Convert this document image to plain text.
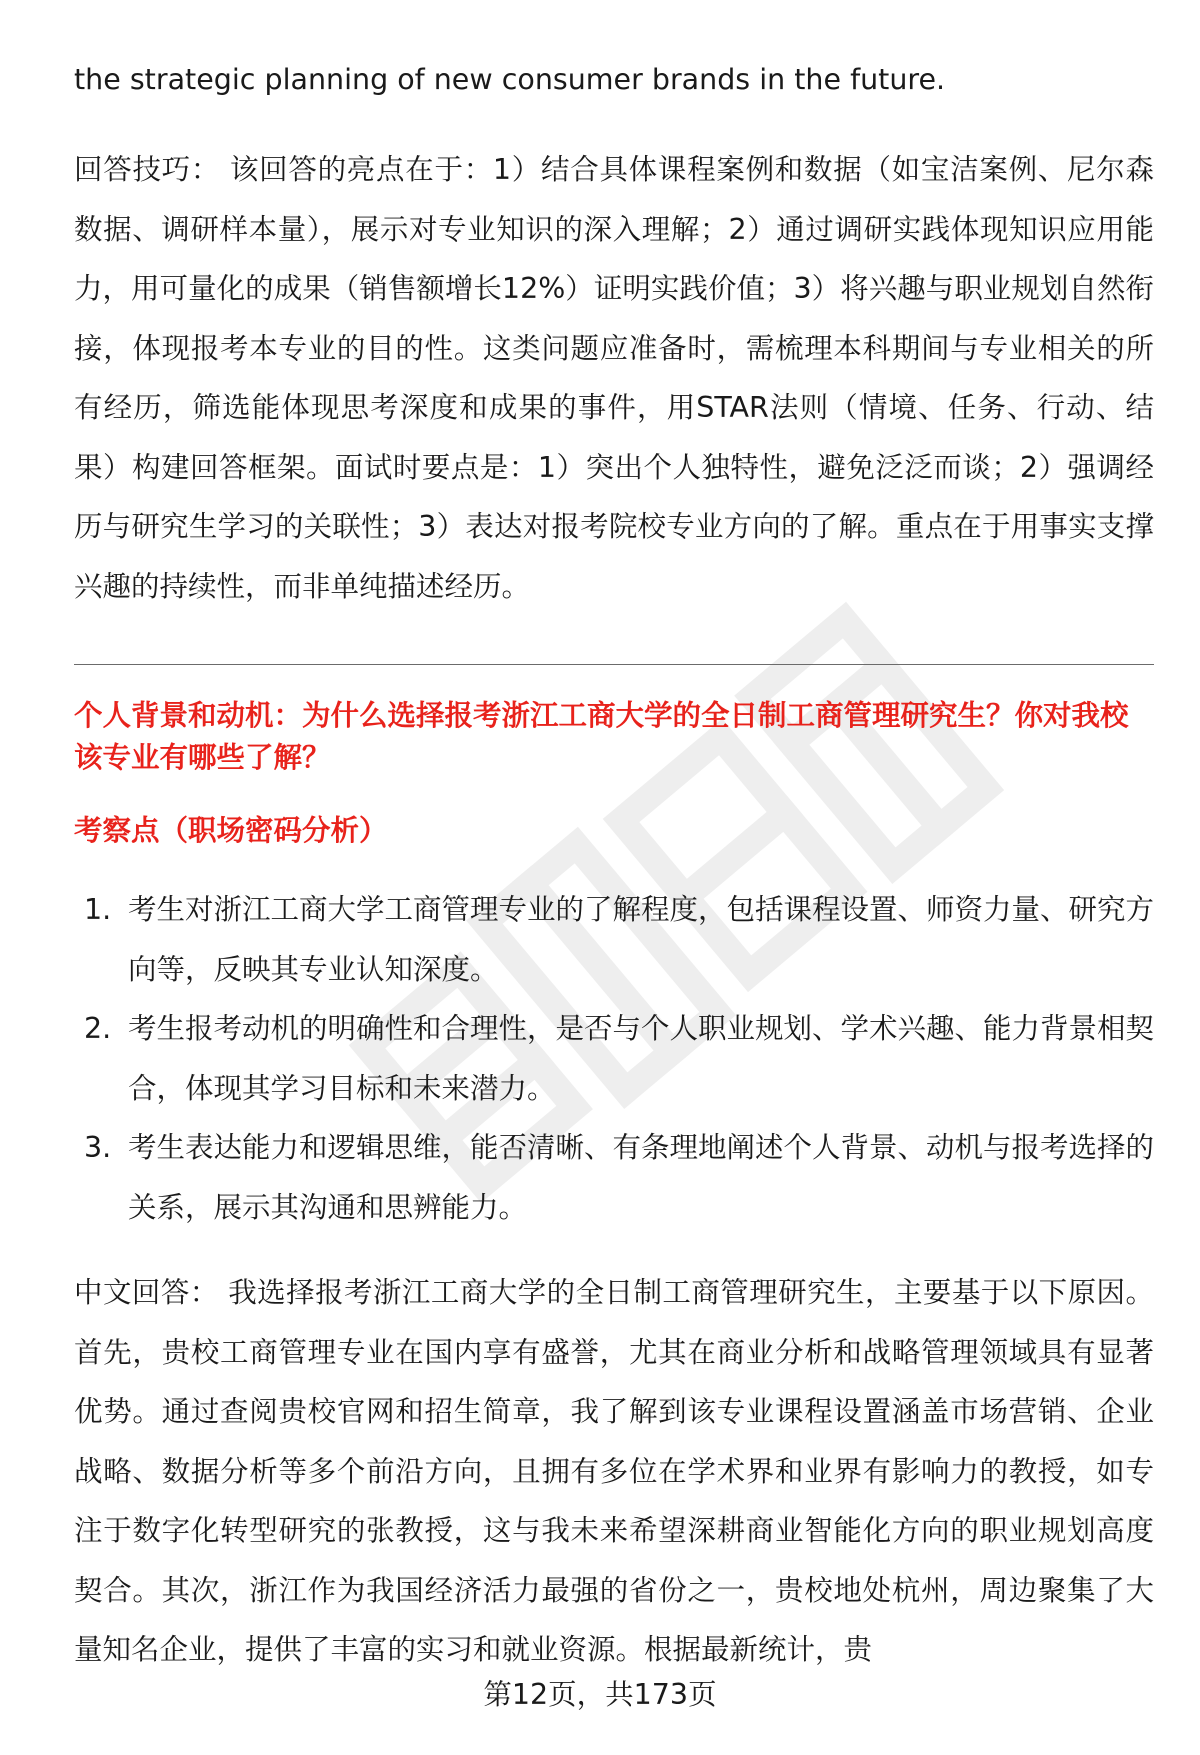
the strategic planning of new consumer brands in the future.

回答技巧： 该回答的亮点在于：1）结合具体课程案例和数据（如宝洁案例、尼尔森数据、调研样本量），展示对专业知识的深入理解；2）通过调研实践体现知识应用能力，用可量化的成果（销售额增长12%）证明实践价值；3）将兴趣与职业规划自然衔接，体现报考本专业的目的性。这类问题应准备时，需梳理本科期间与专业相关的所有经历，筛选能体现思考深度和成果的事件，用STAR法则（情境、任务、行动、结果）构建回答框架。面试时要点是：1）突出个人独特性，避免泛泛而谈；2）强调经历与研究生学习的关联性；3）表达对报考院校专业方向的了解。重点在于用事实支撑兴趣的持续性，而非单纯描述经历。

个人背景和动机：为什么选择报考浙江工商大学的全日制工商管理研究生？你对我校该专业有哪些了解？

考察点（职场密码分析）

1. 考生对浙江工商大学工商管理专业的了解程度，包括课程设置、师资力量、研究方向等，反映其专业认知深度。
2. 考生报考动机的明确性和合理性，是否与个人职业规划、学术兴趣、能力背景相契合，体现其学习目标和未来潜力。
3. 考生表达能力和逻辑思维，能否清晰、有条理地阐述个人背景、动机与报考选择的关系，展示其沟通和思辨能力。

中文回答： 我选择报考浙江工商大学的全日制工商管理研究生，主要基于以下原因。首先，贵校工商管理专业在国内享有盛誉，尤其在商业分析和战略管理领域具有显著优势。通过查阅贵校官网和招生简章，我了解到该专业课程设置涵盖市场营销、企业战略、数据分析等多个前沿方向，且拥有多位在学术界和业界有影响力的教授，如专注于数字化转型研究的张教授，这与我未来希望深耕商业智能化方向的职业规划高度契合。其次，浙江作为我国经济活力最强的省份之一，贵校地处杭州，周边聚集了大量知名企业，提供了丰富的实习和就业资源。根据最新统计，贵

第12页，共173页
